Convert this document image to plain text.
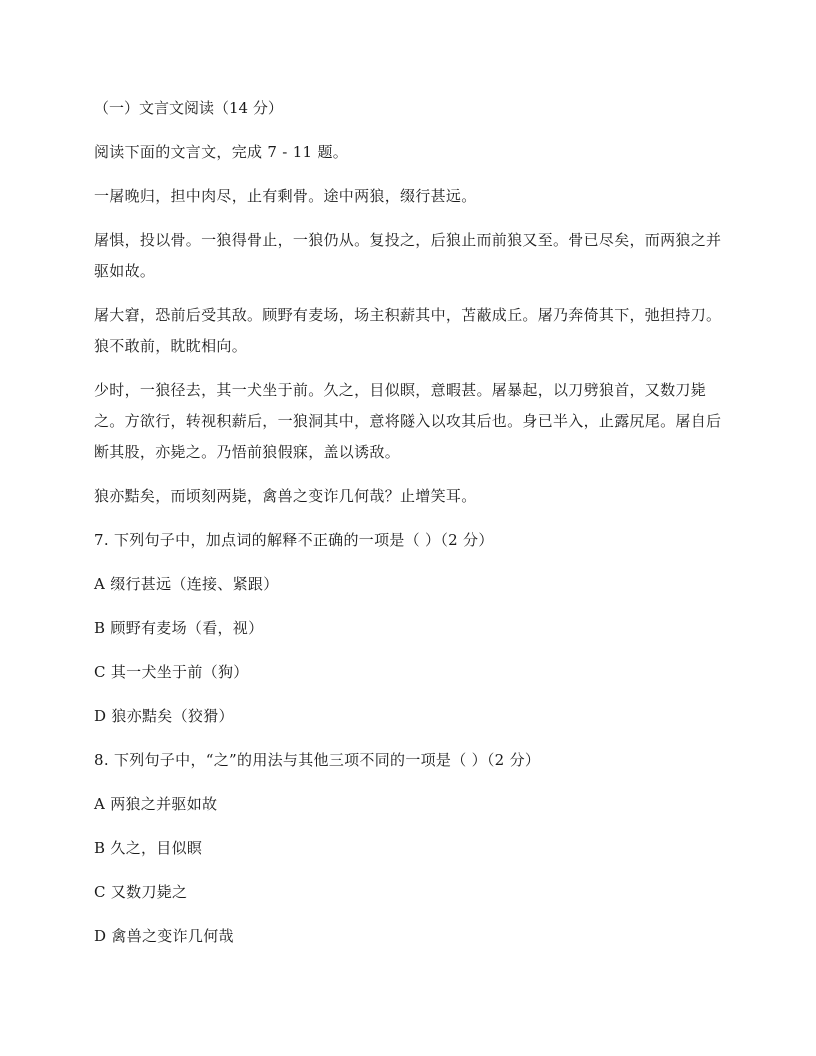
（一）文言文阅读（14 分）

阅读下面的文言文，完成 7 - 11 题。

一屠晚归，担中肉尽，止有剩骨。途中两狼，缀行甚远。

屠惧，投以骨。一狼得骨止，一狼仍从。复投之，后狼止而前狼又至。骨已尽矣，而两狼之并驱如故。

屠大窘，恐前后受其敌。顾野有麦场，场主积薪其中，苫蔽成丘。屠乃奔倚其下，弛担持刀。狼不敢前，眈眈相向。

少时，一狼径去，其一犬坐于前。久之，目似瞑，意暇甚。屠暴起，以刀劈狼首，又数刀毙之。方欲行，转视积薪后，一狼洞其中，意将隧入以攻其后也。身已半入，止露尻尾。屠自后断其股，亦毙之。乃悟前狼假寐，盖以诱敌。

狼亦黠矣，而顷刻两毙，禽兽之变诈几何哉？止增笑耳。

7. 下列句子中，加点词的解释不正确的一项是（ ）（2 分）

A 缀行甚远（连接、紧跟）

B 顾野有麦场（看，视）

C 其一犬坐于前（狗）

D 狼亦黠矣（狡猾）

8. 下列句子中，“之”的用法与其他三项不同的一项是（ ）（2 分）

A 两狼之并驱如故

B 久之，目似瞑

C 又数刀毙之

D 禽兽之变诈几何哉
